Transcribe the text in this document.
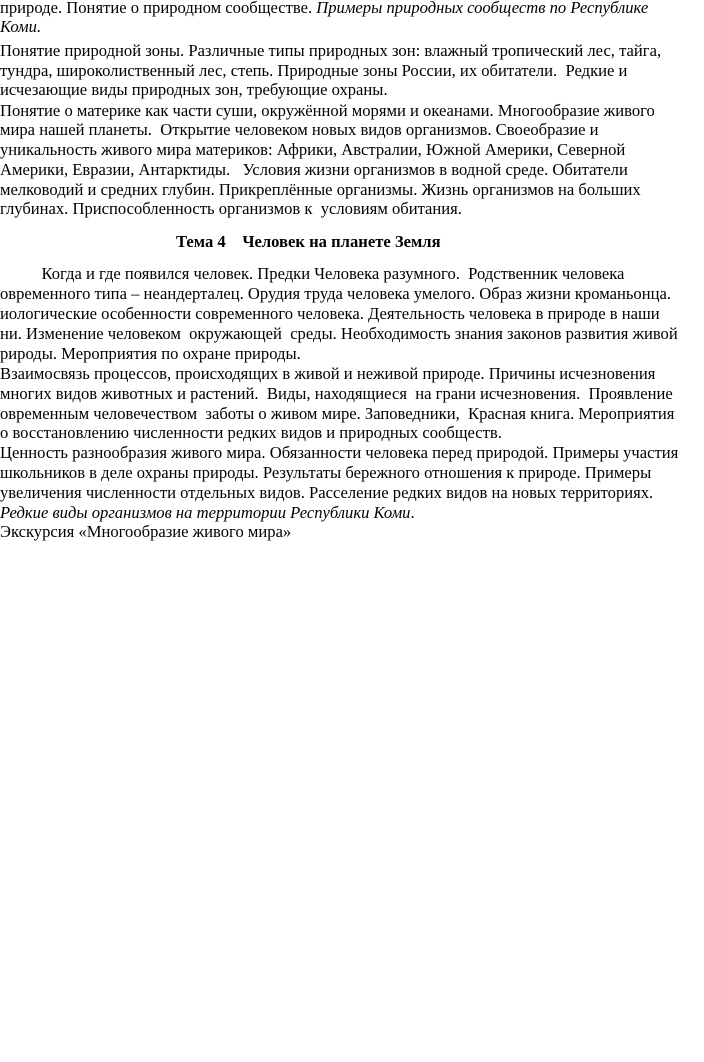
природе. Понятие о природном сообществе. Примеры природных сообществ по Республике
Коми.
Понятие природной зоны. Различные типы природных зон: влажный тропический лес, тайга,
тундра, широколиственный лес, степь. Природные зоны России, их обитатели.  Редкие и
исчезающие виды природных зон, требующие охраны.
Понятие о материке как части суши, окружённой морями и океанами. Многообразие живого
мира нашей планеты.  Открытие человеком новых видов организмов. Своеобразие и
уникальность живого мира материков: Африки, Австралии, Южной Америки, Северной
Америки, Евразии, Антарктиды.   Условия жизни организмов в водной среде. Обитатели
мелководий и средних глубин. Прикреплённые организмы. Жизнь организмов на больших
глубинах. Приспособленность организмов к  условиям обитания.
Тема 4    Человек на планете Земля
Когда и где появился человек. Предки Человека разумного.  Родственник человека
овременного типа – неандерталец. Орудия труда человека умелого. Образ жизни кроманьонца.
иологические особенности современного человека. Деятельность человека в природе в наши
ни. Изменение человеком  окружающей  среды. Необходимость знания законов развития живой
рироды. Мероприятия по охране природы.
Взаимосвязь процессов, происходящих в живой и неживой природе. Причины исчезновения
многих видов животных и растений.  Виды, находящиеся  на грани исчезновения.  Проявление
овременным человечеством  заботы о живом мире. Заповедники,  Красная книга. Мероприятия
о восстановлению численности редких видов и природных сообществ.
Ценность разнообразия живого мира. Обязанности человека перед природой. Примеры участия
школьников в деле охраны природы. Результаты бережного отношения к природе. Примеры
увеличения численности отдельных видов. Расселение редких видов на новых территориях.
Редкие виды организмов на территории Республики Коми.
Экскурсия «Многообразие живого мира»
